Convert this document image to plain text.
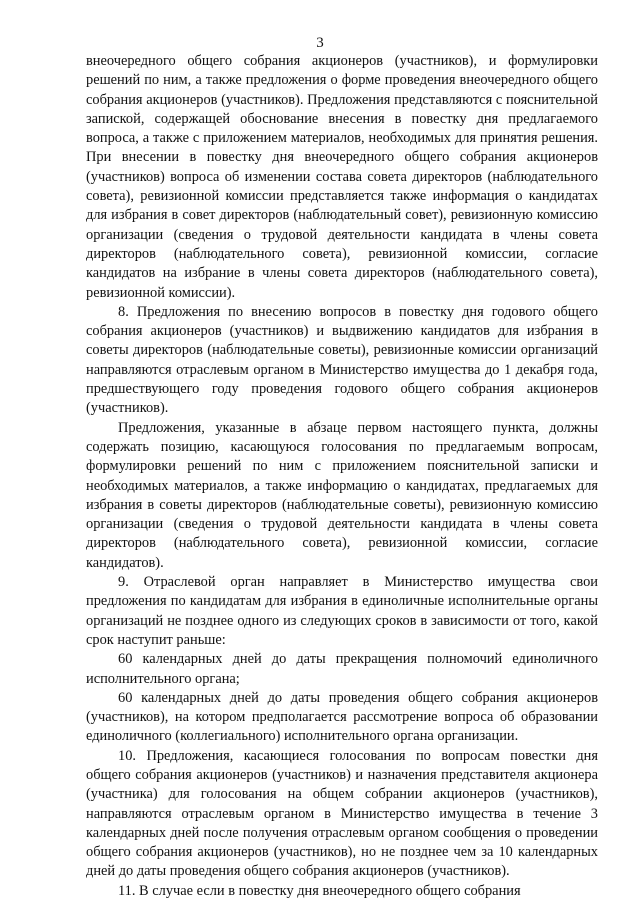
3

внеочередного общего собрания акционеров (участников), и формулировки решений по ним, а также предложения о форме проведения внеочередного общего собрания акционеров (участников). Предложения представляются с пояснительной запиской, содержащей обоснование внесения в повестку дня предлагаемого вопроса, а также с приложением материалов, необходимых для принятия решения. При внесении в повестку дня внеочередного общего собрания акционеров (участников) вопроса об изменении состава совета директоров (наблюдательного совета), ревизионной комиссии представляется также информация о кандидатах для избрания в совет директоров (наблюдательный совет), ревизионную комиссию организации (сведения о трудовой деятельности кандидата в члены совета директоров (наблюдательного совета), ревизионной комиссии, согласие кандидатов на избрание в члены совета директоров (наблюдательного совета), ревизионной комиссии).

8. Предложения по внесению вопросов в повестку дня годового общего собрания акционеров (участников) и выдвижению кандидатов для избрания в советы директоров (наблюдательные советы), ревизионные комиссии организаций направляются отраслевым органом в Министерство имущества до 1 декабря года, предшествующего году проведения годового общего собрания акционеров (участников).

Предложения, указанные в абзаце первом настоящего пункта, должны содержать позицию, касающуюся голосования по предлагаемым вопросам, формулировки решений по ним с приложением пояснительной записки и необходимых материалов, а также информацию о кандидатах, предлагаемых для избрания в советы директоров (наблюдательные советы), ревизионную комиссию организации (сведения о трудовой деятельности кандидата в члены совета директоров (наблюдательного совета), ревизионной комиссии, согласие кандидатов).

9. Отраслевой орган направляет в Министерство имущества свои предложения по кандидатам для избрания в единоличные исполнительные органы организаций не позднее одного из следующих сроков в зависимости от того, какой срок наступит раньше:

60 календарных дней до даты прекращения полномочий единоличного исполнительного органа;

60 календарных дней до даты проведения общего собрания акционеров (участников), на котором предполагается рассмотрение вопроса об образовании единоличного (коллегиального) исполнительного органа организации.

10. Предложения, касающиеся голосования по вопросам повестки дня общего собрания акционеров (участников) и назначения представителя акционера (участника) для голосования на общем собрании акционеров (участников), направляются отраслевым органом в Министерство имущества в течение 3 календарных дней после получения отраслевым органом сообщения о проведении общего собрания акционеров (участников), но не позднее чем за 10 календарных дней до даты проведения общего собрания акционеров (участников).

11. В случае если в повестку дня внеочередного общего собрания
